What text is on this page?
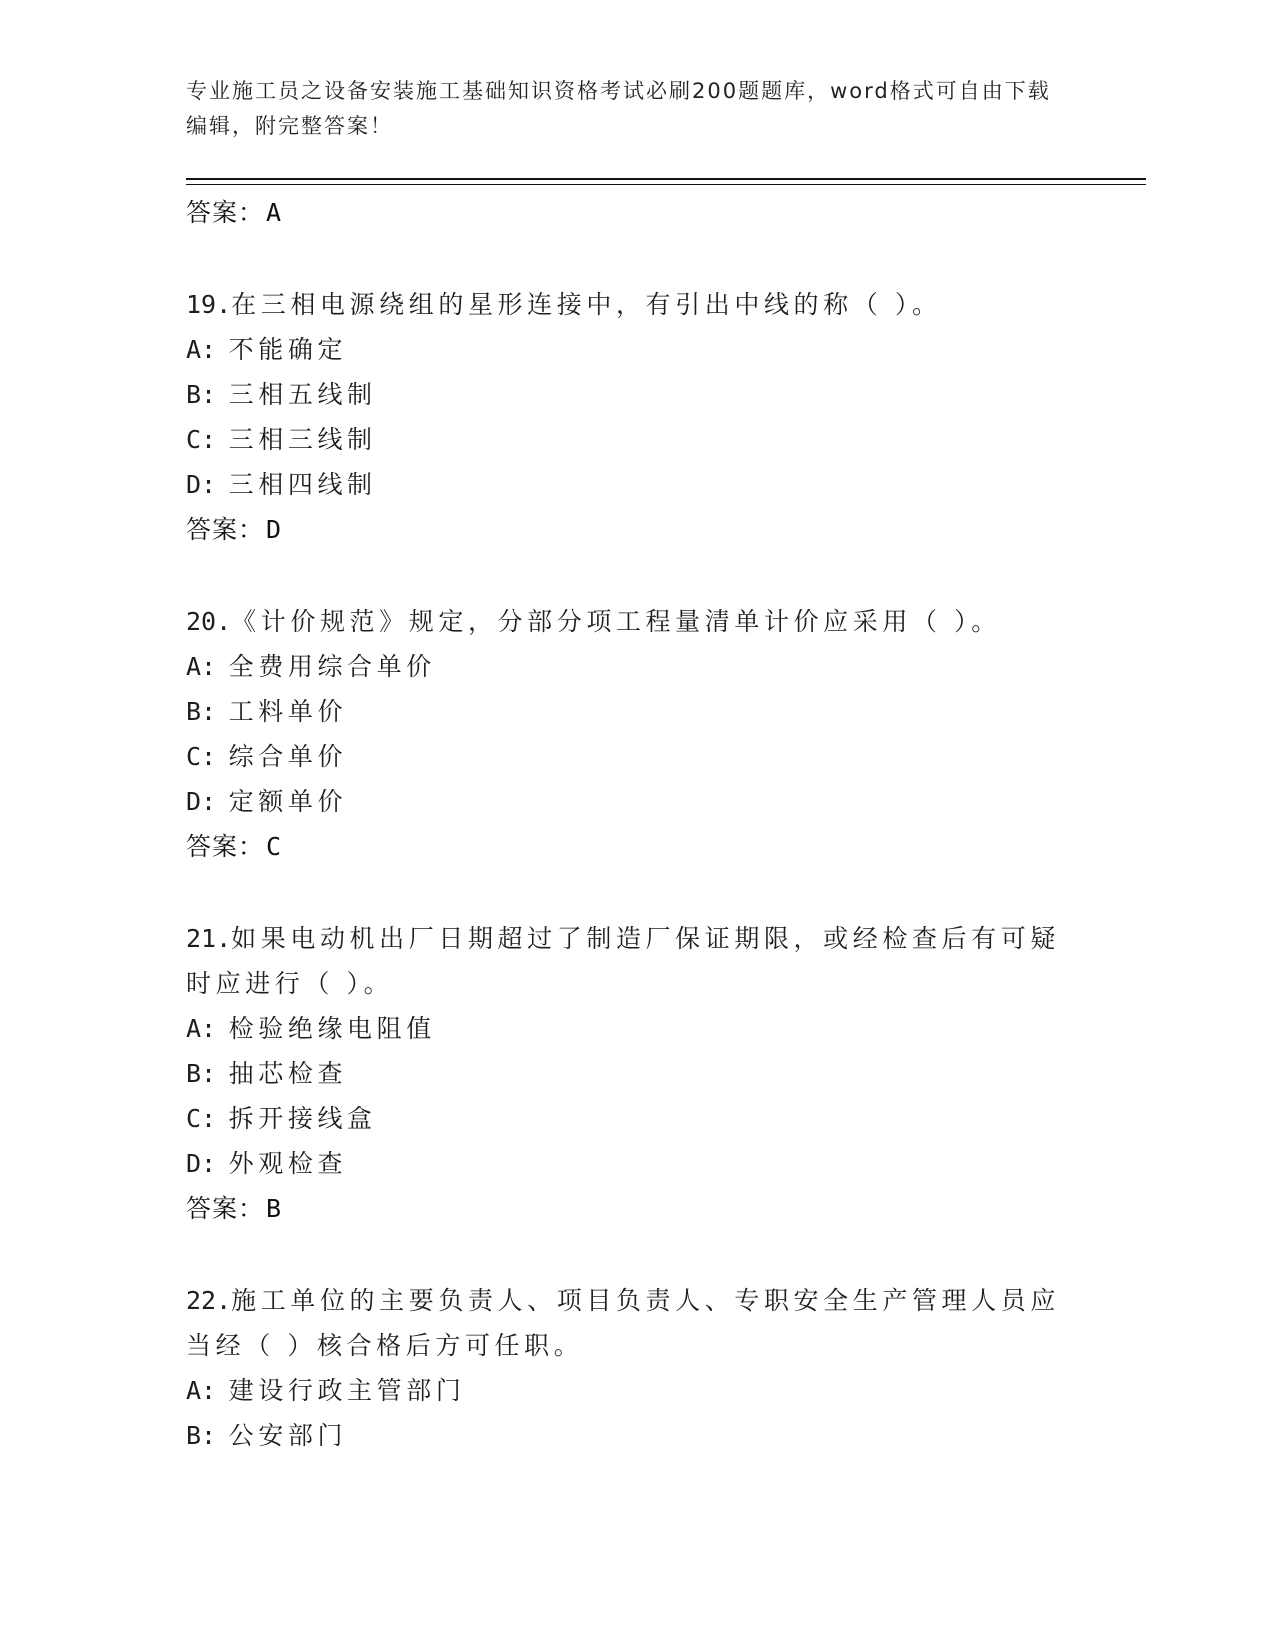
专业施工员之设备安装施工基础知识资格考试必刷200题题库，word格式可自由下载编辑，附完整答案！
答案：A
19.在三相电源绕组的星形连接中，有引出中线的称（ ）。
A: 不能确定
B: 三相五线制
C: 三相三线制
D: 三相四线制
答案：D
20.《计价规范》规定，分部分项工程量清单计价应采用（ ）。
A: 全费用综合单价
B: 工料单价
C: 综合单价
D: 定额单价
答案：C
21.如果电动机出厂日期超过了制造厂保证期限，或经检查后有可疑时应进行（ ）。
A: 检验绝缘电阻值
B: 抽芯检查
C: 拆开接线盒
D: 外观检查
答案：B
22.施工单位的主要负责人、项目负责人、专职安全生产管理人员应当经（ ）核合格后方可任职。
A: 建设行政主管部门
B: 公安部门
